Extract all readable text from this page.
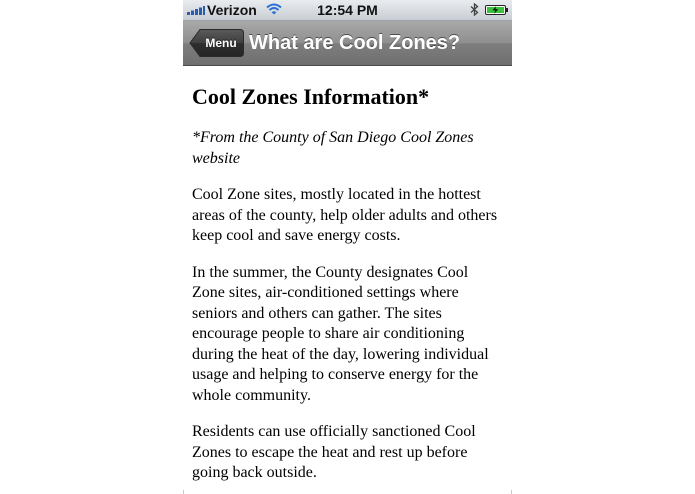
Verizon	12:54 PM
Menu What are Cool Zones?
Cool Zones Information*

*From the County of San Diego Cool Zones website

Cool Zone sites, mostly located in the hottest areas of the county, help older adults and others keep cool and save energy costs.

In the summer, the County designates Cool Zone sites, air-conditioned settings where seniors and others can gather. The sites encourage people to share air conditioning during the heat of the day, lowering individual usage and helping to conserve energy for the whole community.

Residents can use officially sanctioned Cool Zones to escape the heat and rest up before going back outside.
